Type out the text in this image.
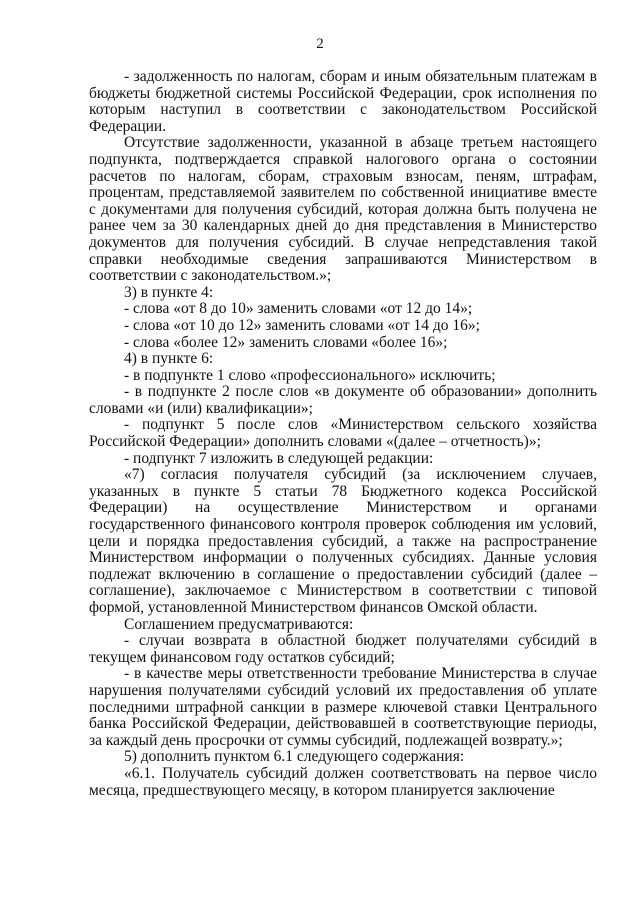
2

- задолженность по налогам, сборам и иным обязательным платежам в бюджеты бюджетной системы Российской Федерации, срок исполнения по которым наступил в соответствии с законодательством Российской Федерации.

Отсутствие задолженности, указанной в абзаце третьем настоящего подпункта, подтверждается справкой налогового органа о состоянии расчетов по налогам, сборам, страховым взносам, пеням, штрафам, процентам, представляемой заявителем по собственной инициативе вместе с документами для получения субсидий, которая должна быть получена не ранее чем за 30 календарных дней до дня представления в Министерство документов для получения субсидий. В случае непредставления такой справки необходимые сведения запрашиваются Министерством в соответствии с законодательством.»;

3) в пункте 4:

- слова «от 8 до 10» заменить словами «от 12 до 14»;

- слова «от 10 до 12» заменить словами «от 14 до 16»;

- слова «более 12» заменить словами «более 16»;

4) в пункте 6:

- в подпункте 1 слово «профессионального» исключить;

- в подпункте 2 после слов «в документе об образовании» дополнить словами «и (или) квалификации»;

- подпункт 5 после слов «Министерством сельского хозяйства Российской Федерации» дополнить словами «(далее – отчетность)»;

- подпункт 7 изложить в следующей редакции:

«7) согласия получателя субсидий (за исключением случаев, указанных в пункте 5 статьи 78 Бюджетного кодекса Российской Федерации) на осуществление Министерством и органами государственного финансового контроля проверок соблюдения им условий, цели и порядка предоставления субсидий, а также на распространение Министерством информации о полученных субсидиях. Данные условия подлежат включению в соглашение о предоставлении субсидий (далее – соглашение), заключаемое с Министерством в соответствии с типовой формой, установленной Министерством финансов Омской области.

Соглашением предусматриваются:

- случаи возврата в областной бюджет получателями субсидий в текущем финансовом году остатков субсидий;

- в качестве меры ответственности требование Министерства в случае нарушения получателями субсидий условий их предоставления об уплате последними штрафной санкции в размере ключевой ставки Центрального банка Российской Федерации, действовавшей в соответствующие периоды, за каждый день просрочки от суммы субсидий, подлежащей возврату.»;

5) дополнить пунктом 6.1 следующего содержания:

«6.1. Получатель субсидий должен соответствовать на первое число месяца, предшествующего месяцу, в котором планируется заключение
